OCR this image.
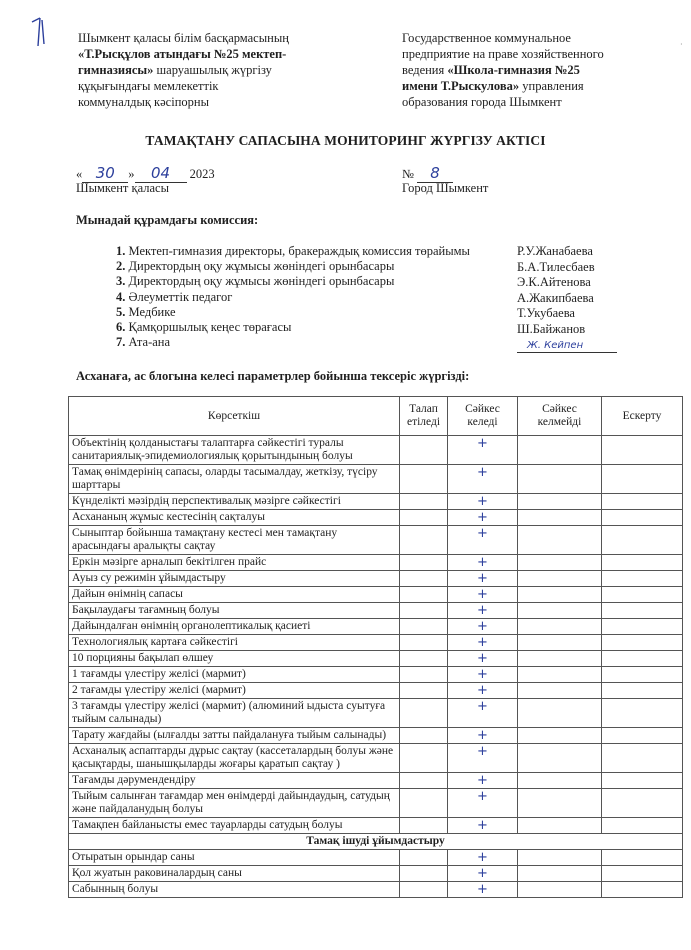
·
Шымкент қаласы білім басқармасының
«Т.Рысқұлов атындағы №25 мектеп-
гимназиясы» шаруашылық жүргізу
құқығындағы мемлекеттік
коммуналдық кәсіпорны
Государственное коммунальное
предприятие на праве хозяйственного
ведения «Школа-гимназия №25
имени Т.Рыскулова» управления
образования города Шымкент
ТАМАҚТАНУ САПАСЫНА МОНИТОРИНГ ЖҮРГІЗУ АКТІСІ
« 30 » 04 2023
Шымкент қаласы
№ 8
Город Шымкент
Мынадай құрамдағы комиссия:
1. Мектеп-гимназия директоры, бракераждық комиссия төрайымы
2. Директордың оқу жұмысы жөніндегі орынбасары
3. Директордың оқу жұмысы жөніндегі орынбасары
4. Әлеуметтік педагог
5. Медбике
6. Қамқоршылық кеңес төрағасы
7. Ата-ана
Р.У.Жанабаева
Б.А.Тилесбаев
Э.К.Айтенова
А.Жакипбаева
Т.Укубаева
Ш.Байжанов
Ж. Кейпен
Асханаға, ас блогына келесі параметрлер бойынша тексеріс жүргізді:
Көрсеткіш	Талап етіледі	Сәйкес келеді	Сәйкес келмейді	Ескерту
Объектінің қолданыстағы талаптарға сәйкестігі туралы санитариялық-эпидемиологиялық қорытындының болуы		+		
Тамақ өнімдерінің сапасы, оларды тасымалдау, жеткізу, түсіру шарттары		+		
Күнделікті мәзірдің перспективалық мәзірге сәйкестігі		+		
Асхананың жұмыс кестесінің сақталуы		+		
Сыныптар бойынша тамақтану кестесі мен тамақтану арасындағы аралықты сақтау		+		
Еркін мәзірге арналып бекітілген прайс		+		
Ауыз су режимін ұйымдастыру		+		
Дайын өнімнің сапасы		+		
Бақылаудағы тағамның болуы		+		
Дайындалған өнімнің органолептикалық қасиеті		+		
Технологиялық картаға сәйкестігі		+		
10 порцияны бақылап өлшеу		+		
1 тағамды үлестіру желісі (мармит)		+		
2 тағамды үлестіру желісі (мармит)		+		
3 тағамды үлестіру желісі (мармит) (алюминий ыдыста суытуға тыйым салынады)		+		
Тарату жағдайы (ылғалды затты пайдалануға тыйым салынады)		+		
Асханалық аспаптарды дұрыс сақтау (кассеталардың болуы және қасықтарды, шанышқыларды жоғары қаратып сақтау )		+		
Тағамды дәрумендендіру		+		
Тыйым салынған тағамдар мен өнімдерді дайындаудың, сатудың және пайдаланудың болуы		+		
Тамақпен байланысты емес тауарларды сатудың болуы		+		
Тамақ ішуді ұйымдастыру				
Отыратын орындар саны		+		
Қол жуатын раковиналардың саны		+		
Сабынның болуы		+		
